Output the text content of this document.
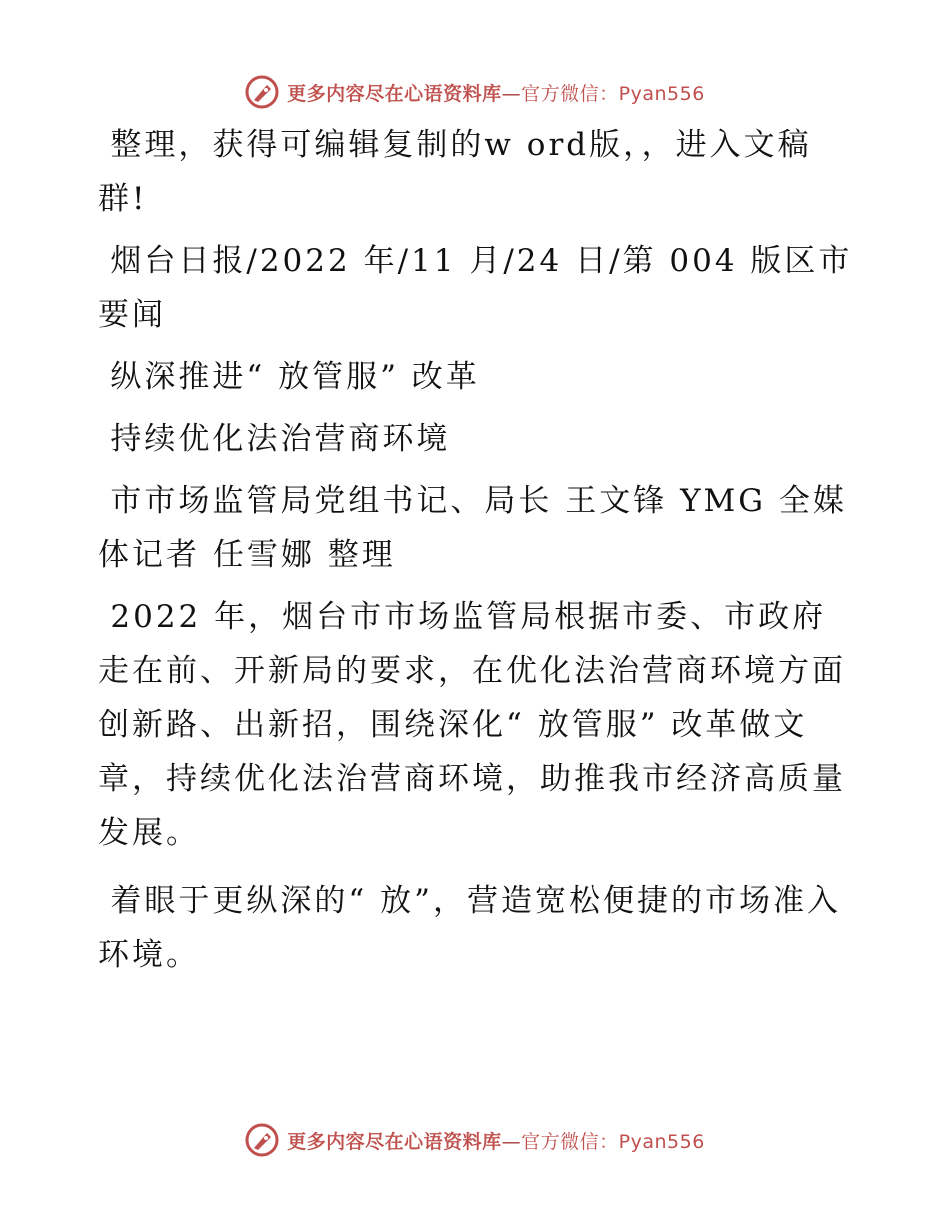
更多内容尽在心语资料库—官方微信：Pyan556

整理，获得可编辑复制的w ord版，，进入文稿群!

烟台日报/2022 年/11 月/24 日/第 004 版区市要闻

纵深推进“ 放管服” 改革

持续优化法治营商环境

市市场监管局党组书记、局长 王文锋 YMG 全媒体记者 任雪娜 整理

2022 年，烟台市市场监管局根据市委、市政府走在前、开新局的要求，在优化法治营商环境方面创新路、出新招，围绕深化“ 放管服” 改革做文章，持续优化法治营商环境，助推我市经济高质量发展。

着眼于更纵深的“ 放”，营造宽松便捷的市场准入环境。

更多内容尽在心语资料库—官方微信：Pyan556
